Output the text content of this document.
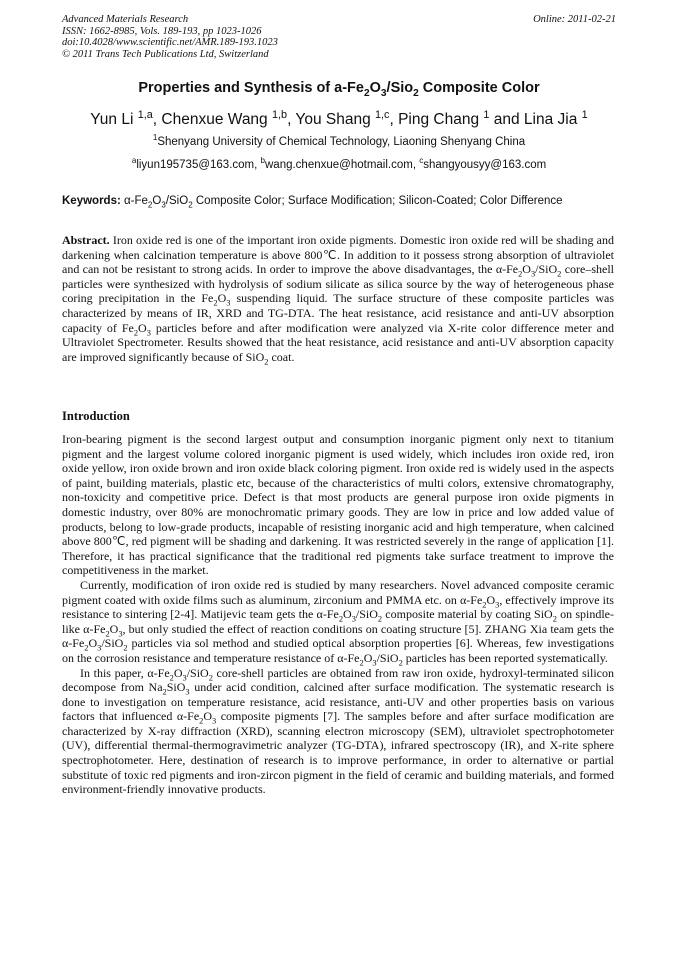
Advanced Materials Research
ISSN: 1662-8985, Vols. 189-193, pp 1023-1026
doi:10.4028/www.scientific.net/AMR.189-193.1023
© 2011 Trans Tech Publications Ltd, Switzerland
Online: 2011-02-21
Properties and Synthesis of $a-Fe_2O_3/Sio_2$ Composite Color
Yun Li $^{1,a}$, Chenxue Wang $^{1,b}$, You Shang $^{1,c}$, Ping Chang $^1$ and Lina Jia $^1$
$^1$Shenyang University of Chemical Technology, Liaoning Shenyang China
$^a$liyun195735@163.com, $^b$wang.chenxue@hotmail.com, $^c$shangyousyy@163.com
Keywords: $\alpha-Fe_2O_3/SiO_2$ Composite Color; Surface Modification; Silicon-Coated; Color Difference

Abstract. Iron oxide red is one of the important iron oxide pigments. Domestic iron oxide red will be shading and darkening when calcination temperature is above 800℃. In addition to it possess strong absorption of ultraviolet and can not be resistant to strong acids. In order to improve the above disadvantages, the $\alpha-Fe_2O_3/SiO_2$ core–shell particles were synthesized with hydrolysis of sodium silicate as silica source by the way of heterogeneous phase coring precipitation in the $Fe_2O_3$ suspending liquid. The surface structure of these composite particles was characterized by means of IR, XRD and TG-DTA. The heat resistance, acid resistance and anti-UV absorption capacity of $Fe_2O_3$ particles before and after modification were analyzed via X-rite color difference meter and Ultraviolet Spectrometer. Results showed that the heat resistance, acid resistance and anti-UV absorption capacity are improved significantly because of SiO$_2$ coat.

Introduction

Iron-bearing pigment is the second largest output and consumption inorganic pigment only next to titanium pigment and the largest volume colored inorganic pigment is used widely, which includes iron oxide red, iron oxide yellow, iron oxide brown and iron oxide black coloring pigment. Iron oxide red is widely used in the aspects of paint, building materials, plastic etc, because of the characteristics of multi colors, extensive chromatography, non-toxicity and competitive price. Defect is that most products are general purpose iron oxide pigments in domestic industry, over 80% are monochromatic primary goods. They are low in price and low added value of products, belong to low-grade products, incapable of resisting inorganic acid and high temperature, when calcined above 800℃, red pigment will be shading and darkening. It was restricted severely in the range of application [1]. Therefore, it has practical significance that the traditional red pigments take surface treatment to improve the competitiveness in the market.

Currently, modification of iron oxide red is studied by many researchers. Novel advanced composite ceramic pigment coated with oxide films such as aluminum, zirconium and PMMA etc. on $\alpha-Fe_2O_3$, effectively improve its resistance to sintering [2-4]. Matijevic team gets the $\alpha-Fe_2O_3/SiO_2$ composite material by coating SiO$_2$ on spindle-like $\alpha-Fe_2O_3$, but only studied the effect of reaction conditions on coating structure [5]. ZHANG Xia team gets the $\alpha-Fe_2O_3/SiO_2$ particles via sol method and studied optical absorption properties [6]. Whereas, few investigations on the corrosion resistance and temperature resistance of $\alpha-Fe_2O_3/SiO_2$ particles has been reported systematically.

In this paper, $\alpha-Fe_2O_3/SiO_2$ core-shell particles are obtained from raw iron oxide, hydroxyl-terminated silicon decompose from $Na_2SiO_3$ under acid condition, calcined after surface modification. The systematic research is done to investigation on temperature resistance, acid resistance, anti-UV and other properties basis on various factors that influenced $\alpha-Fe_2O_3$ composite pigments [7]. The samples before and after surface modification are characterized by X-ray diffraction (XRD), scanning electron microscopy (SEM), ultraviolet spectrophotometer (UV), differential thermal-thermogravimetric analyzer (TG-DTA), infrared spectroscopy (IR), and X-rite sphere spectrophotometer. Here, destination of research is to improve performance, in order to alternative or partial substitute of toxic red pigments and iron-zircon pigment in the field of ceramic and building materials, and formed environment-friendly innovative products.
